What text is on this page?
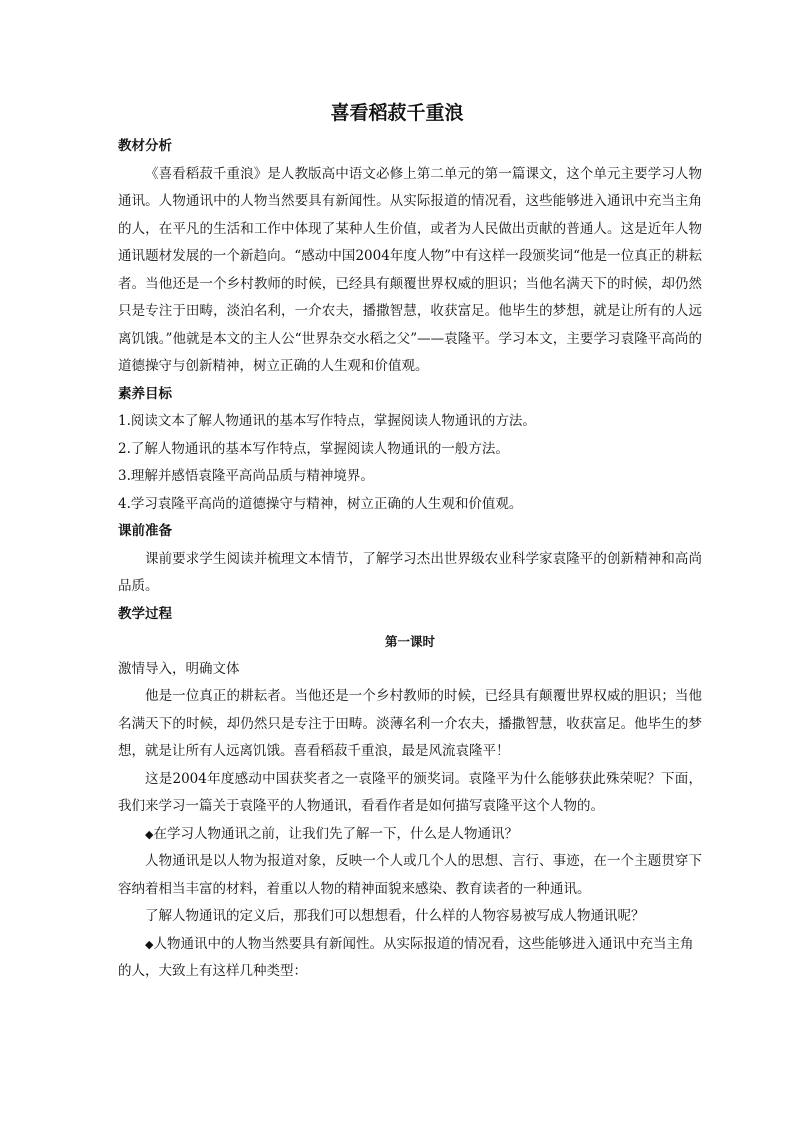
喜看稻菽千重浪

教材分析

《喜看稻菽千重浪》是人教版高中语文必修上第二单元的第一篇课文，这个单元主要学习人物通讯。人物通讯中的人物当然要具有新闻性。从实际报道的情况看，这些能够进入通讯中充当主角的人，在平凡的生活和工作中体现了某种人生价值，或者为人民做出贡献的普通人。这是近年人物通讯题材发展的一个新趋向。“感动中国2004年度人物”中有这样一段颁奖词“他是一位真正的耕耘者。当他还是一个乡村教师的时候，已经具有颠覆世界权威的胆识；当他名满天下的时候，却仍然只是专注于田畴，淡泊名利，一介农夫，播撒智慧，收获富足。他毕生的梦想，就是让所有的人远离饥饿。”他就是本文的主人公“世界杂交水稻之父”——袁隆平。学习本文，主要学习袁隆平高尚的道德操守与创新精神，树立正确的人生观和价值观。

素养目标

1.阅读文本了解人物通讯的基本写作特点，掌握阅读人物通讯的方法。

2.了解人物通讯的基本写作特点，掌握阅读人物通讯的一般方法。

3.理解并感悟袁隆平高尚品质与精神境界。

4.学习袁隆平高尚的道德操守与精神，树立正确的人生观和价值观。

课前准备

课前要求学生阅读并梳理文本情节，了解学习杰出世界级农业科学家袁隆平的创新精神和高尚品质。

教学过程

第一课时

激情导入，明确文体

他是一位真正的耕耘者。当他还是一个乡村教师的时候，已经具有颠覆世界权威的胆识；当他名满天下的时候，却仍然只是专注于田畴。淡薄名利一介农夫，播撒智慧，收获富足。他毕生的梦想，就是让所有人远离饥饿。喜看稻菽千重浪，最是风流袁隆平！

这是2004年度感动中国获奖者之一袁隆平的颁奖词。袁隆平为什么能够获此殊荣呢？下面，我们来学习一篇关于袁隆平的人物通讯，看看作者是如何描写袁隆平这个人物的。

◆在学习人物通讯之前，让我们先了解一下，什么是人物通讯？

人物通讯是以人物为报道对象，反映一个人或几个人的思想、言行、事迹，在一个主题贯穿下容纳着相当丰富的材料，着重以人物的精神面貌来感染、教育读者的一种通讯。

了解人物通讯的定义后，那我们可以想想看，什么样的人物容易被写成人物通讯呢？

◆人物通讯中的人物当然要具有新闻性。从实际报道的情况看，这些能够进入通讯中充当主角的人，大致上有这样几种类型：
